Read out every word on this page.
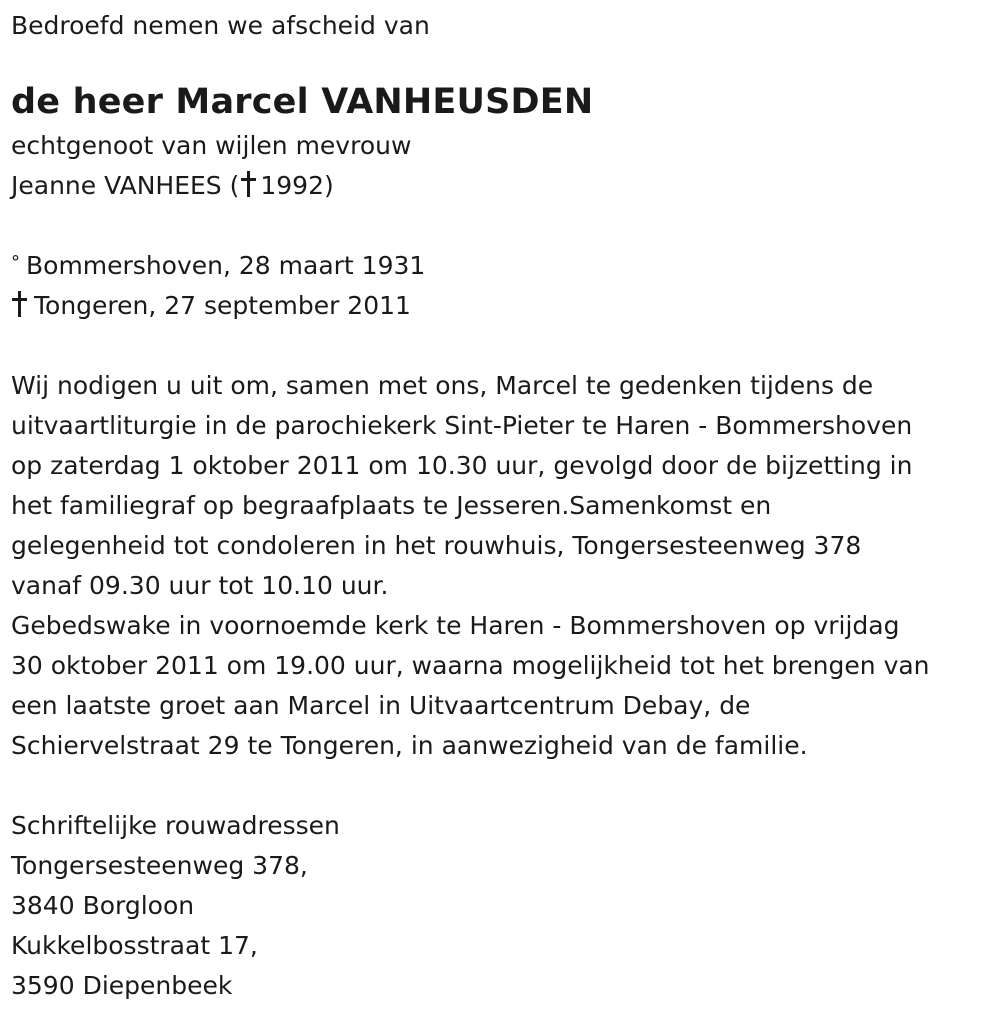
Bedroefd nemen we afscheid van
de heer Marcel VANHEUSDEN
echtgenoot van wijlen mevrouw
Jeanne VANHEES ( 1992)
° Bommershoven, 28 maart 1931
Tongeren, 27 september 2011
Wij nodigen u uit om, samen met ons, Marcel te gedenken tijdens de
uitvaartliturgie in de parochiekerk Sint-Pieter te Haren - Bommershoven
op zaterdag 1 oktober 2011 om 10.30 uur, gevolgd door de bijzetting in
het familiegraf op begraafplaats te Jesseren.Samenkomst en
gelegenheid tot condoleren in het rouwhuis, Tongersesteenweg 378
vanaf 09.30 uur tot 10.10 uur.
Gebedswake in voornoemde kerk te Haren - Bommershoven op vrijdag
30 oktober 2011 om 19.00 uur, waarna mogelijkheid tot het brengen van
een laatste groet aan Marcel in Uitvaartcentrum Debay, de
Schiervelstraat 29 te Tongeren, in aanwezigheid van de familie.
Schriftelijke rouwadressen
Tongersesteenweg 378,
3840 Borgloon
Kukkelbosstraat 17,
3590 Diepenbeek
